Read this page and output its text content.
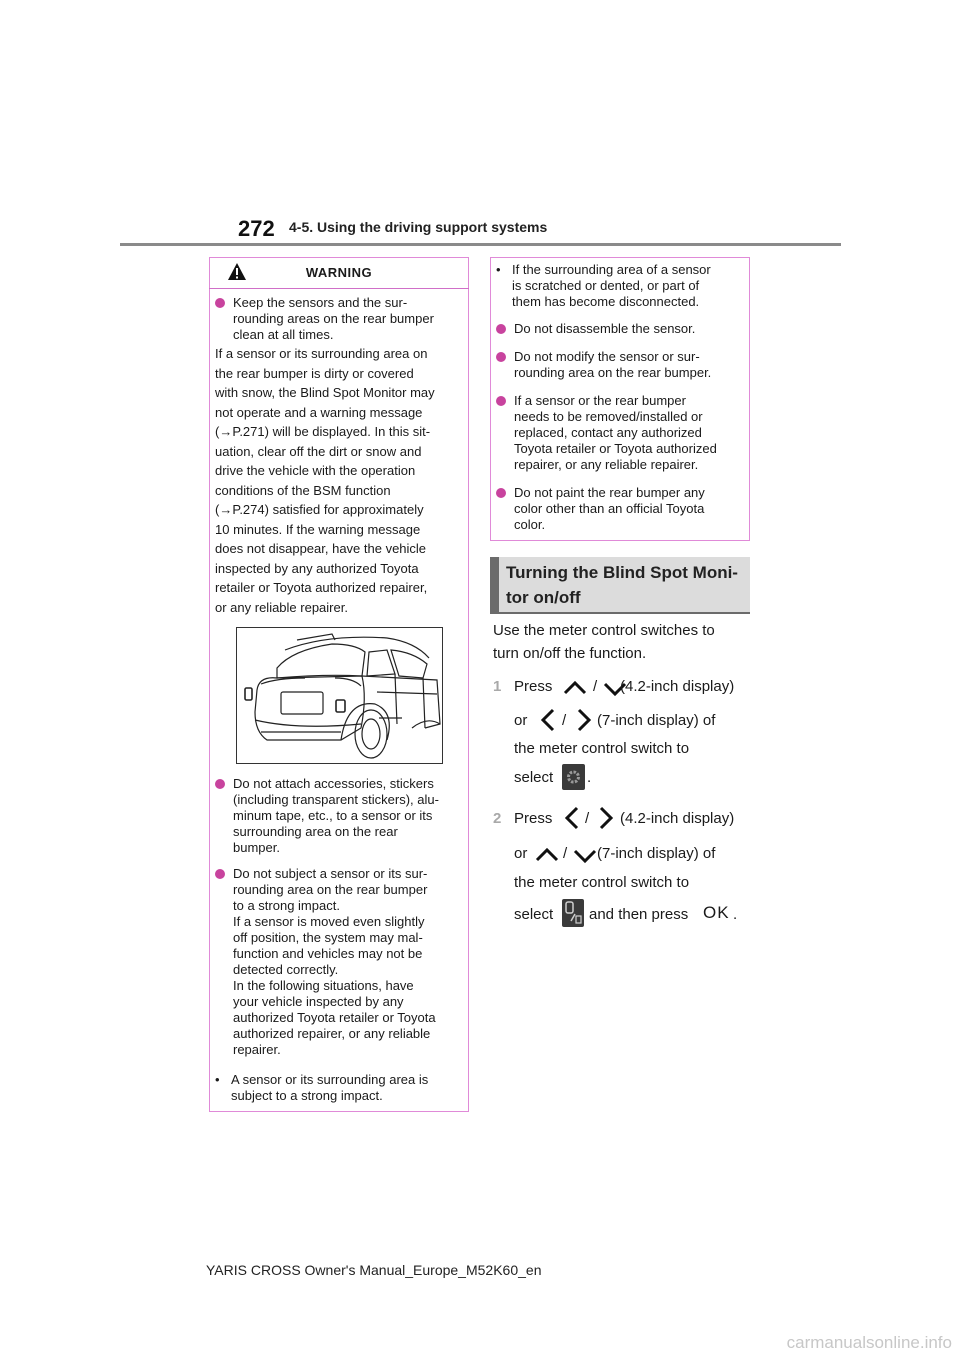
272 4-5. Using the driving support systems
WARNING
Keep the sensors and the sur-
rounding areas on the rear bumper
clean at all times.
If a sensor or its surrounding area on
the rear bumper is dirty or covered
with snow, the Blind Spot Monitor may
not operate and a warning message
(→P.271) will be displayed. In this sit-
uation, clear off the dirt or snow and
drive the vehicle with the operation
conditions of the BSM function
(→P.274) satisfied for approximately
10 minutes. If the warning message
does not disappear, have the vehicle
inspected by any authorized Toyota
retailer or Toyota authorized repairer,
or any reliable repairer.
Do not attach accessories, stickers
(including transparent stickers), alu-
minum tape, etc., to a sensor or its
surrounding area on the rear
bumper.
Do not subject a sensor or its sur-
rounding area on the rear bumper
to a strong impact.
If a sensor is moved even slightly
off position, the system may mal-
function and vehicles may not be
detected correctly.
In the following situations, have
your vehicle inspected by any
authorized Toyota retailer or Toyota
authorized repairer, or any reliable
repairer.
• A sensor or its surrounding area is
subject to a strong impact.
• If the surrounding area of a sensor
is scratched or dented, or part of
them has become disconnected.
Do not disassemble the sensor.
Do not modify the sensor or sur-
rounding area on the rear bumper.
If a sensor or the rear bumper
needs to be removed/installed or
replaced, contact any authorized
Toyota retailer or Toyota authorized
repairer, or any reliable repairer.
Do not paint the rear bumper any
color other than an official Toyota
color.
Turning the Blind Spot Moni-
tor on/off
Use the meter control switches to
turn on/off the function.
1 Press	/ (4.2-inch display)
or / (7-inch display) of
the meter control switch to
select .
2 Press / (4.2-inch display)
or / (7-inch display) of
the meter control switch to
select and then press OK .
YARIS CROSS Owner's Manual_Europe_M52K60_en
carmanualsonline.info
